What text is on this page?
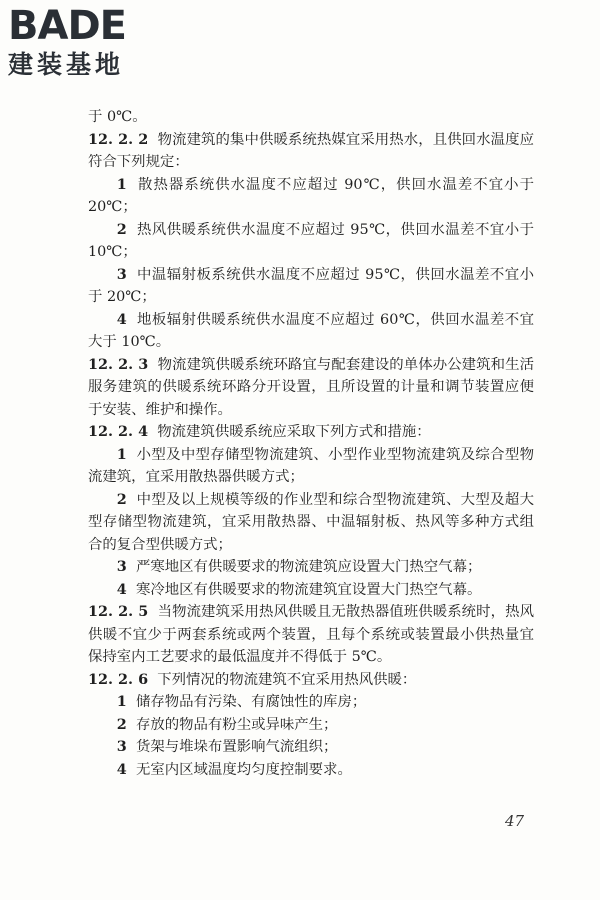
BADE
建装基地

于 0℃。

12. 2. 2 物流建筑的集中供暖系统热媒宜采用热水，且供回水温度应符合下列规定：

1 散热器系统供水温度不应超过 90℃，供回水温差不宜小于 20℃；

2 热风供暖系统供水温度不应超过 95℃，供回水温差不宜小于 10℃；

3 中温辐射板系统供水温度不应超过 95℃，供回水温差不宜小于 20℃；

4 地板辐射供暖系统供水温度不应超过 60℃，供回水温差不宜大于 10℃。

12. 2. 3 物流建筑供暖系统环路宜与配套建设的单体办公建筑和生活服务建筑的供暖系统环路分开设置，且所设置的计量和调节装置应便于安装、维护和操作。

12. 2. 4 物流建筑供暖系统应采取下列方式和措施：

1 小型及中型存储型物流建筑、小型作业型物流建筑及综合型物流建筑，宜采用散热器供暖方式；

2 中型及以上规模等级的作业型和综合型物流建筑、大型及超大型存储型物流建筑，宜采用散热器、中温辐射板、热风等多种方式组合的复合型供暖方式；

3 严寒地区有供暖要求的物流建筑应设置大门热空气幕；

4 寒冷地区有供暖要求的物流建筑宜设置大门热空气幕。

12. 2. 5 当物流建筑采用热风供暖且无散热器值班供暖系统时，热风供暖不宜少于两套系统或两个装置，且每个系统或装置最小供热量宜保持室内工艺要求的最低温度并不得低于 5℃。

12. 2. 6 下列情况的物流建筑不宜采用热风供暖：

1 储存物品有污染、有腐蚀性的库房；

2 存放的物品有粉尘或异味产生；

3 货架与堆垛布置影响气流组织；

4 无室内区域温度均匀度控制要求。

47
